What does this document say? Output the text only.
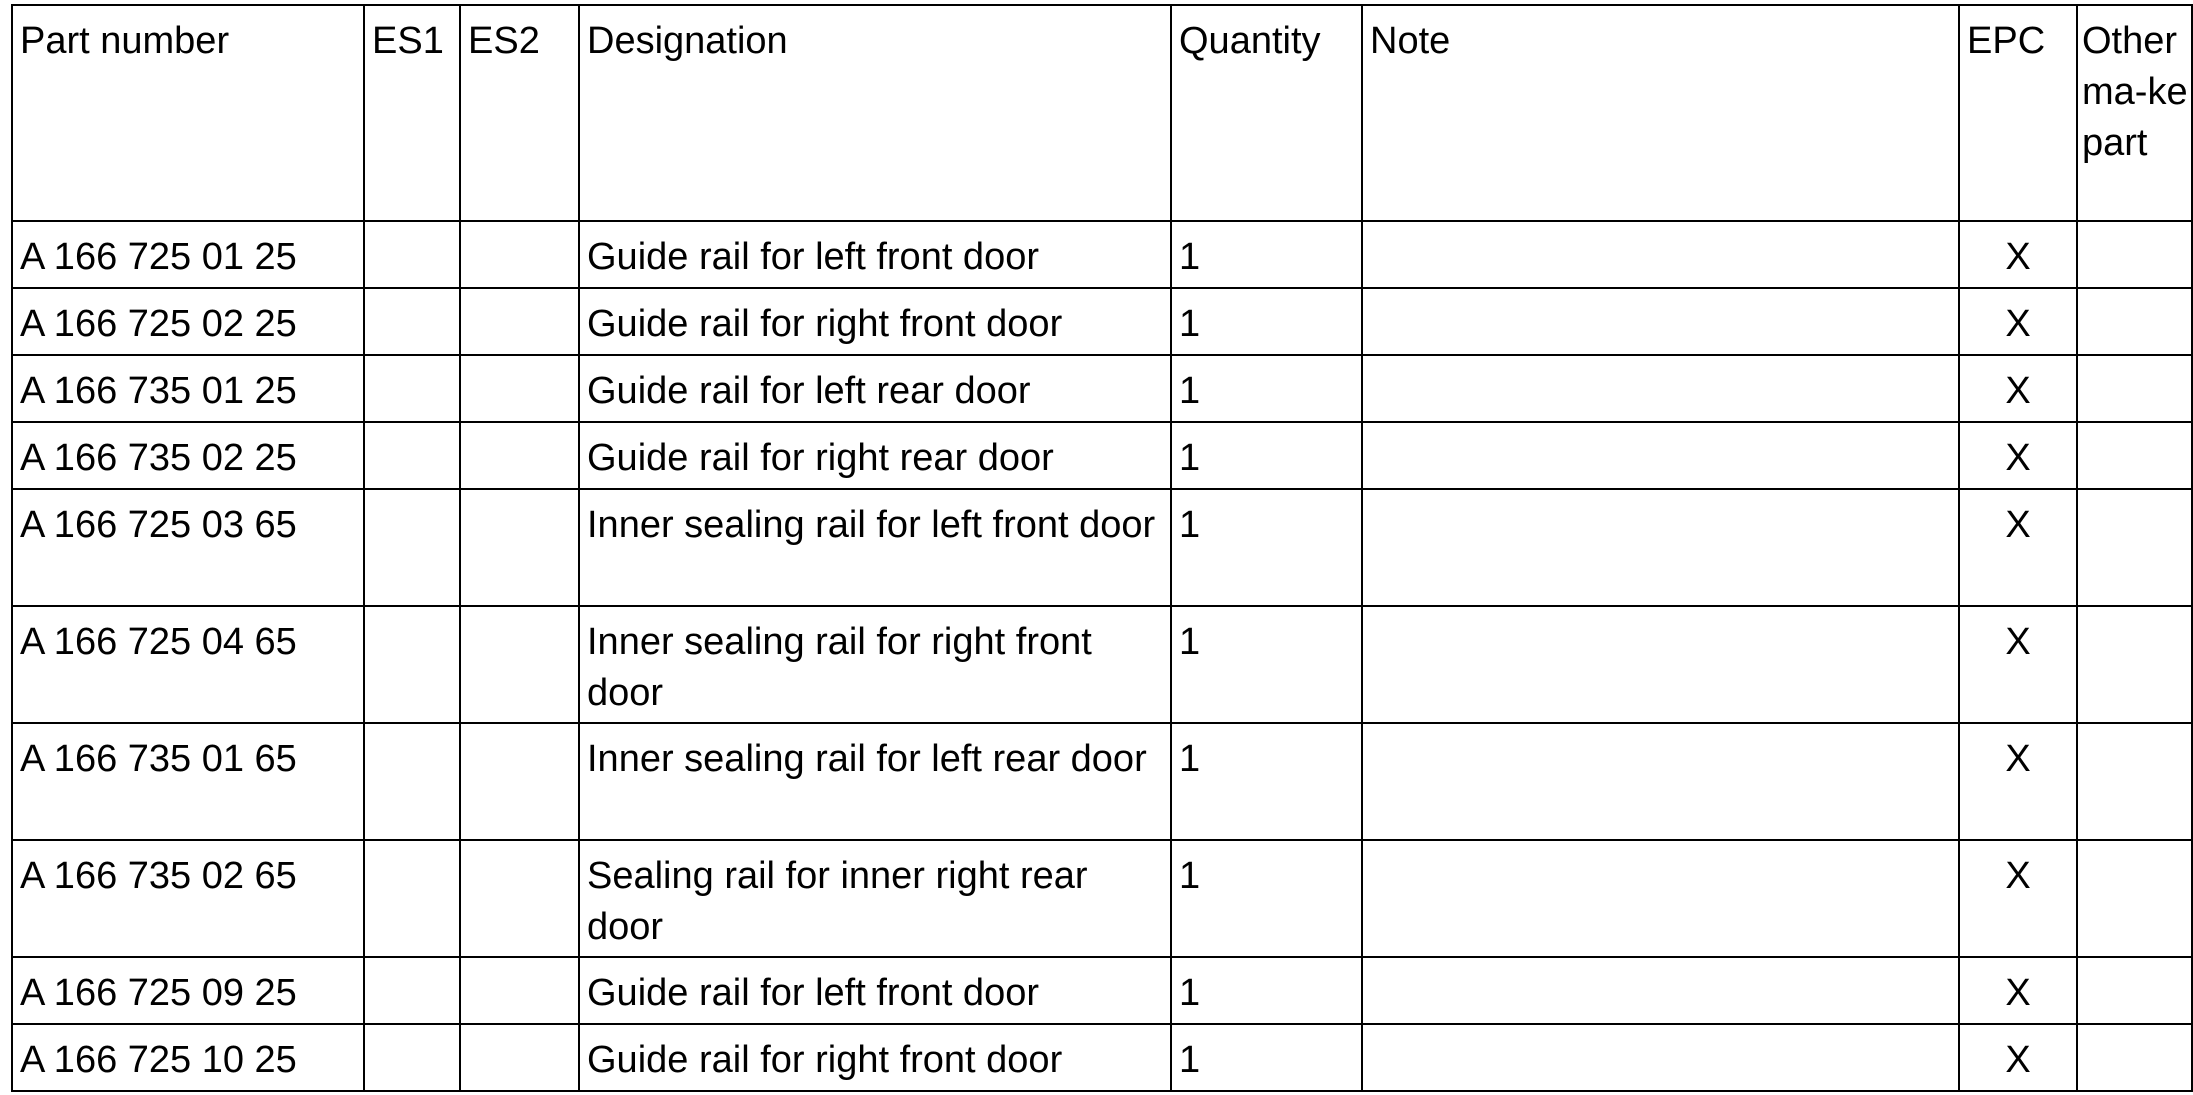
Part number	ES1	ES2	Designation	Quantity	Note	EPC	Other ma-ke part
A 166 725 01 25			Guide rail for left front door	1		X	
A 166 725 02 25			Guide rail for right front door	1		X	
A 166 735 01 25			Guide rail for left rear door	1		X	
A 166 735 02 25			Guide rail for right rear door	1		X	
A 166 725 03 65			Inner sealing rail for left front door	1		X	
A 166 725 04 65			Inner sealing rail for right front door	1		X	
A 166 735 01 65			Inner sealing rail for left rear door	1		X	
A 166 735 02 65			Sealing rail for inner right rear door	1		X	
A 166 725 09 25			Guide rail for left front door	1		X	
A 166 725 10 25			Guide rail for right front door	1		X	
